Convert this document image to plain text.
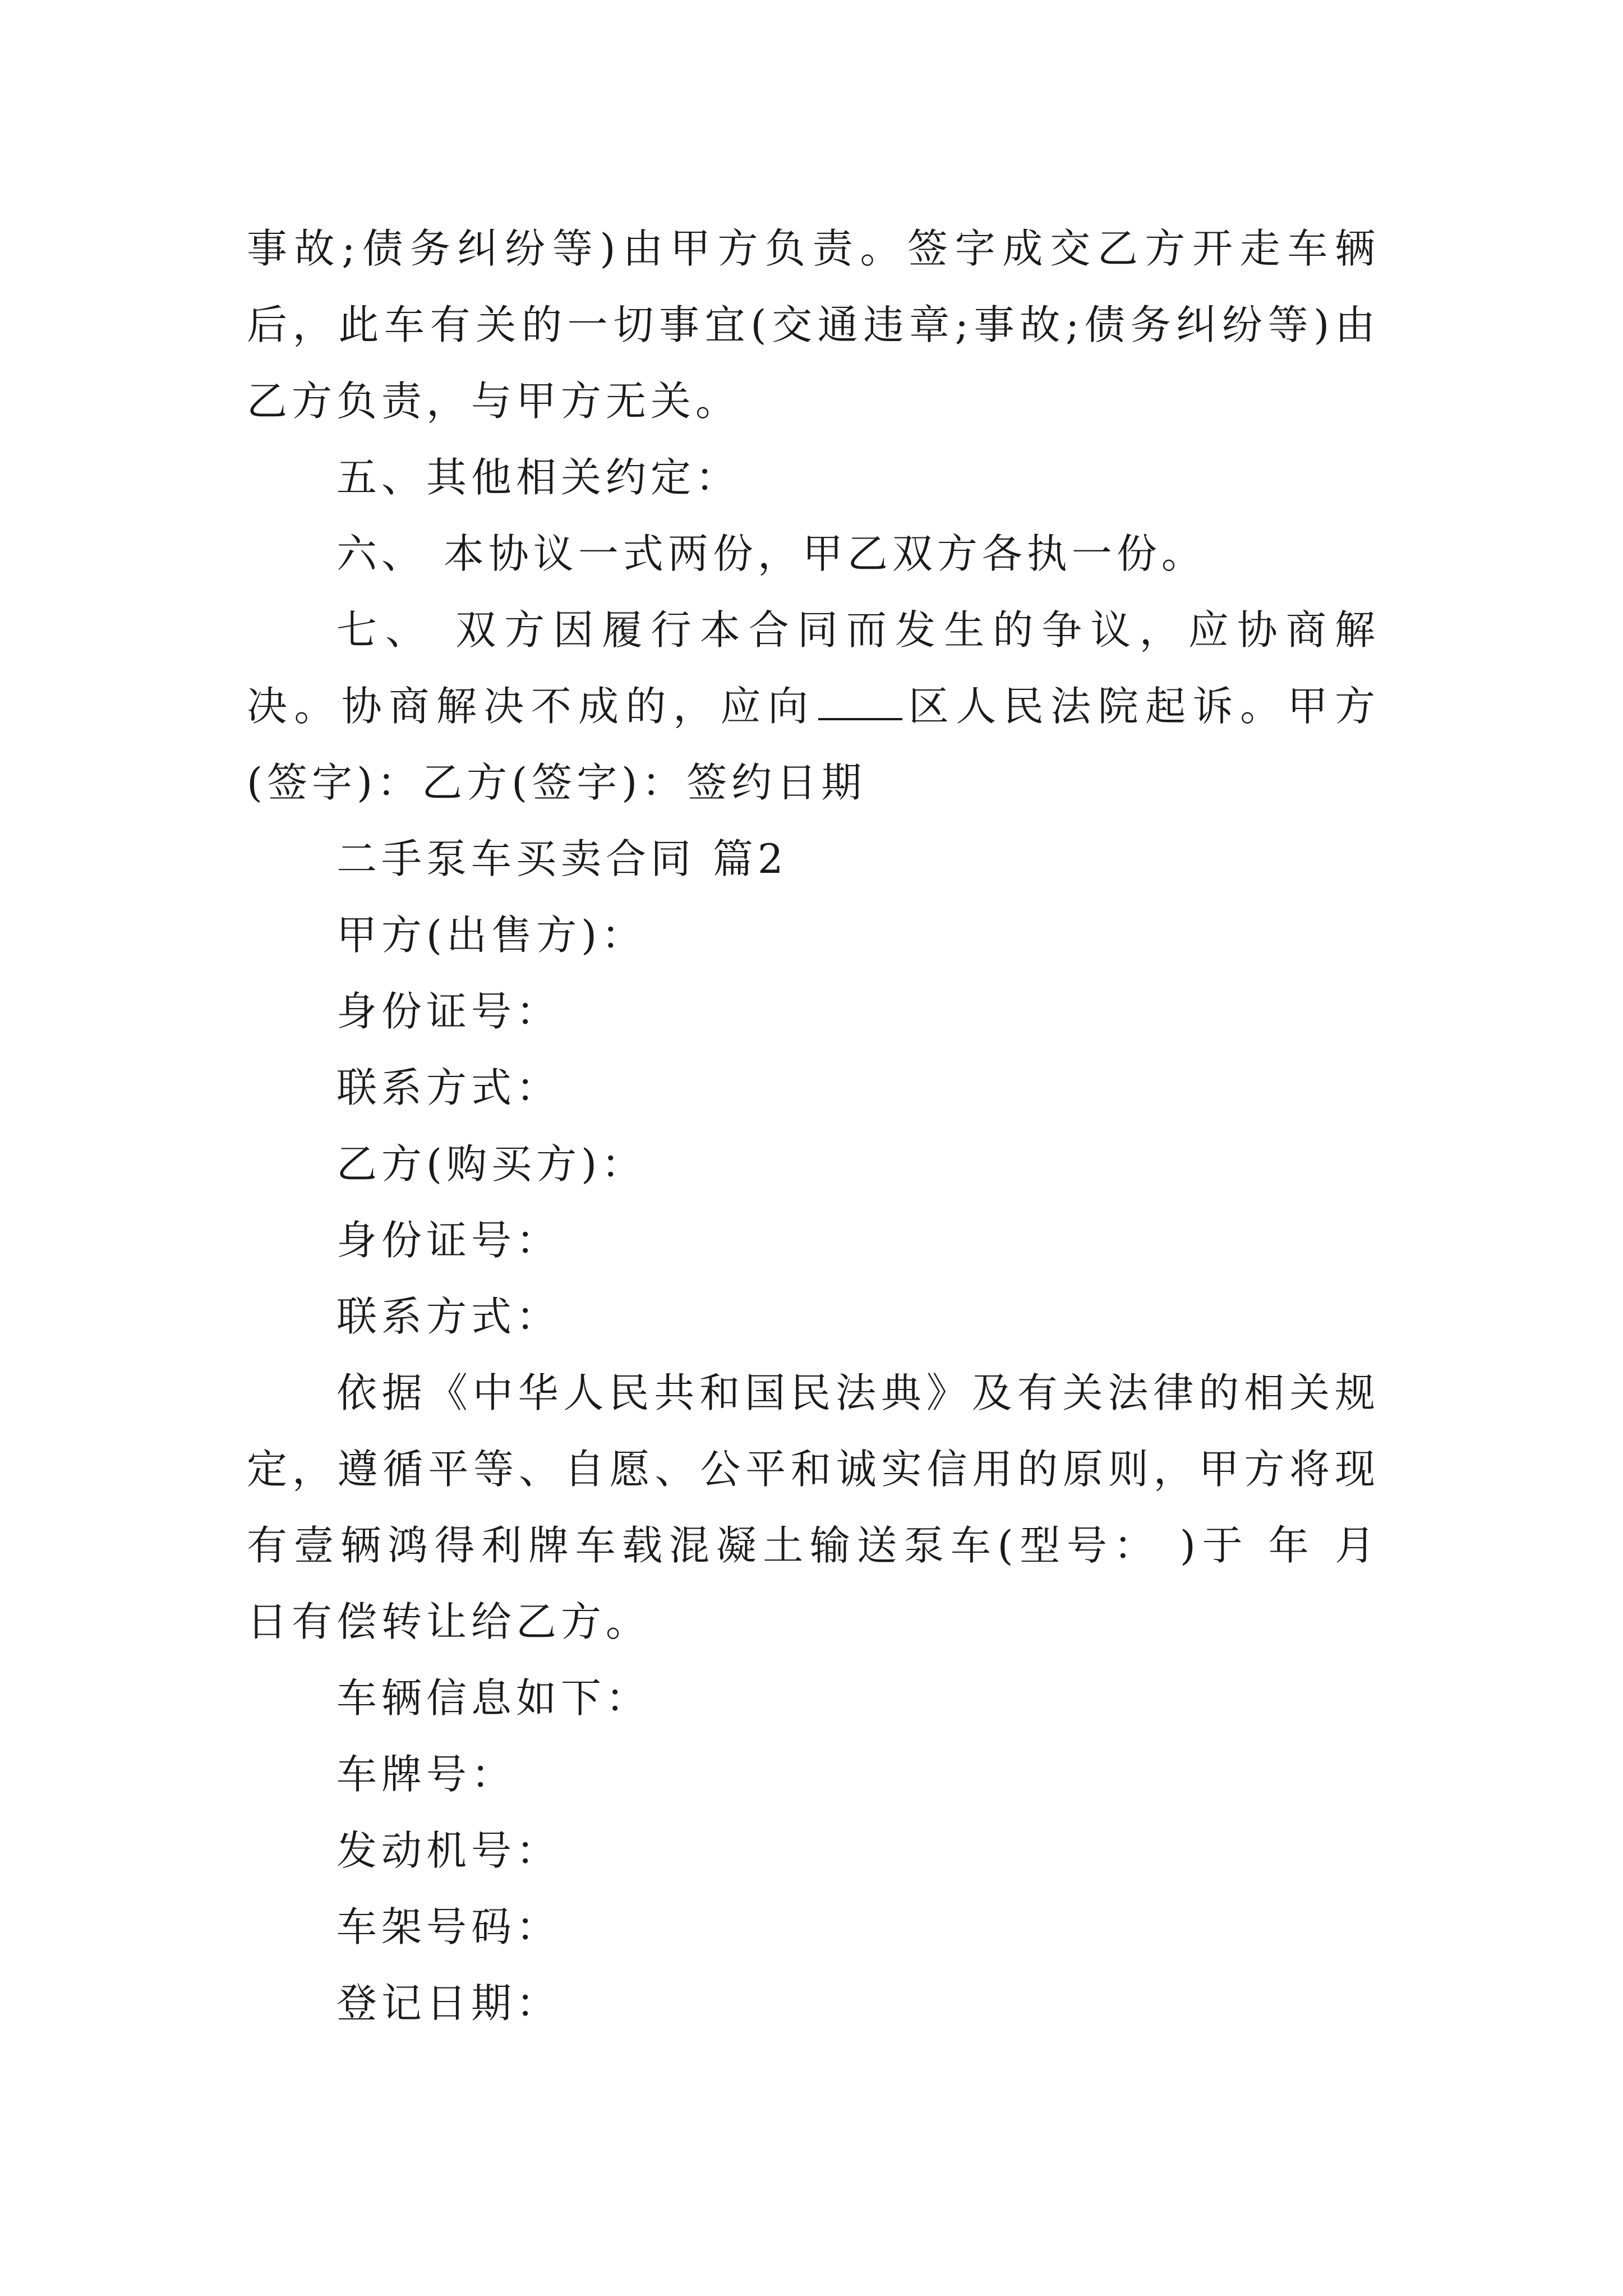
事故;债务纠纷等)由甲方负责。签字成交乙方开走车辆后，此车有关的一切事宜(交通违章;事故;债务纠纷等)由乙方负责，与甲方无关。

五、其他相关约定：

六、 本协议一式两份，甲乙双方各执一份。

七、 双方因履行本合同而发生的争议，应协商解决。协商解决不成的，应向 区人民法院起诉。甲方(签字)：乙方(签字)：签约日期

二手泵车买卖合同 篇2

甲方(出售方)：

身份证号：

联系方式：

乙方(购买方)：

身份证号：

联系方式：

依据《中华人民共和国民法典》及有关法律的相关规定，遵循平等、自愿、公平和诚实信用的原则，甲方将现有壹辆鸿得利牌车载混凝土输送泵车(型号： )于 年 月 日有偿转让给乙方。

车辆信息如下：

车牌号：

发动机号：

车架号码：

登记日期：
